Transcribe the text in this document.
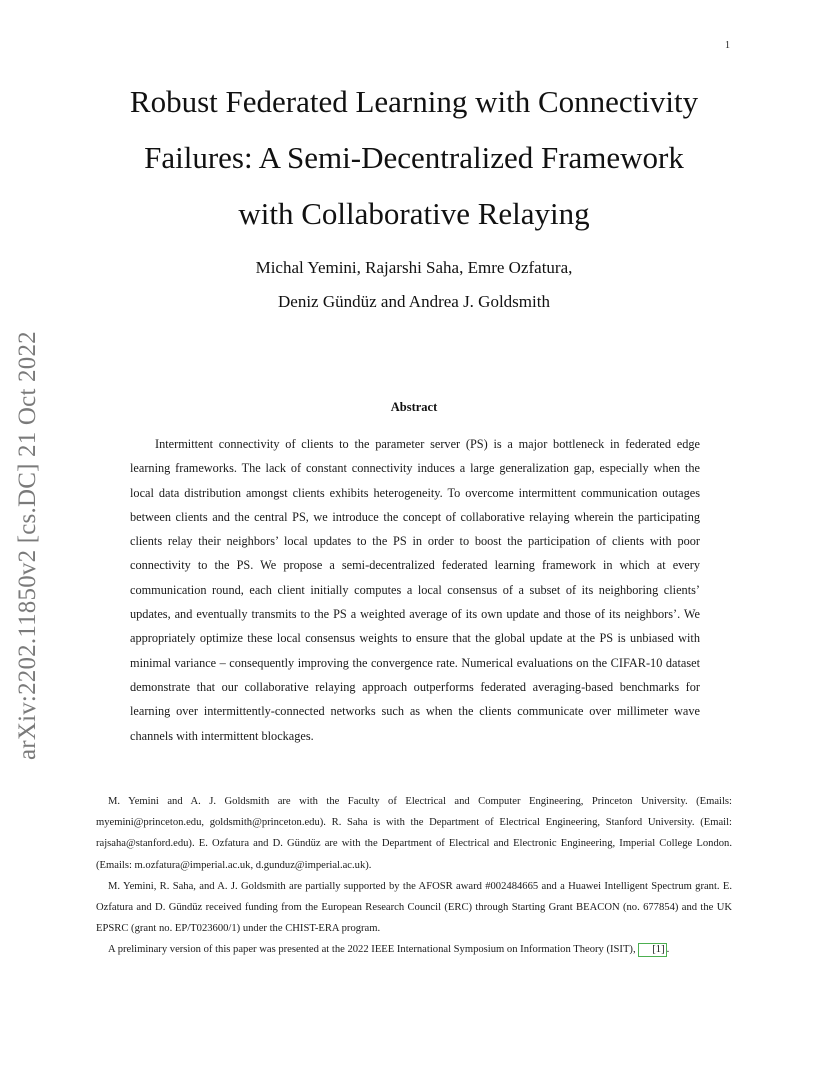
1
arXiv:2202.11850v2 [cs.DC] 21 Oct 2022
Robust Federated Learning with Connectivity
Failures: A Semi-Decentralized Framework
with Collaborative Relaying
Michal Yemini, Rajarshi Saha, Emre Ozfatura,
Deniz Gündüz and Andrea J. Goldsmith
Abstract

Intermittent connectivity of clients to the parameter server (PS) is a major bottleneck in federated edge learning frameworks. The lack of constant connectivity induces a large generalization gap, especially when the local data distribution amongst clients exhibits heterogeneity. To overcome intermittent communication outages between clients and the central PS, we introduce the concept of collaborative relaying wherein the participating clients relay their neighbors’ local updates to the PS in order to boost the participation of clients with poor connectivity to the PS. We propose a semi-decentralized federated learning framework in which at every communication round, each client initially computes a local consensus of a subset of its neighboring clients’ updates, and eventually transmits to the PS a weighted average of its own update and those of its neighbors’. We appropriately optimize these local consensus weights to ensure that the global update at the PS is unbiased with minimal variance – consequently improving the convergence rate. Numerical evaluations on the CIFAR-10 dataset demonstrate that our collaborative relaying approach outperforms federated averaging-based benchmarks for learning over intermittently-connected networks such as when the clients communicate over millimeter wave channels with intermittent blockages.

M. Yemini and A. J. Goldsmith are with the Faculty of Electrical and Computer Engineering, Princeton University. (Emails: myemini@princeton.edu, goldsmith@princeton.edu). R. Saha is with the Department of Electrical Engineering, Stanford University. (Email: rajsaha@stanford.edu). E. Ozfatura and D. Gündüz are with the Department of Electrical and Electronic Engineering, Imperial College London. (Emails: m.ozfatura@imperial.ac.uk, d.gunduz@imperial.ac.uk).

M. Yemini, R. Saha, and A. J. Goldsmith are partially supported by the AFOSR award #002484665 and a Huawei Intelligent Spectrum grant. E. Ozfatura and D. Gündüz received funding from the European Research Council (ERC) through Starting Grant BEACON (no. 677854) and the UK EPSRC (grant no. EP/T023600/1) under the CHIST-ERA program.

A preliminary version of this paper was presented at the 2022 IEEE International Symposium on Information Theory (ISIT), [1] .
